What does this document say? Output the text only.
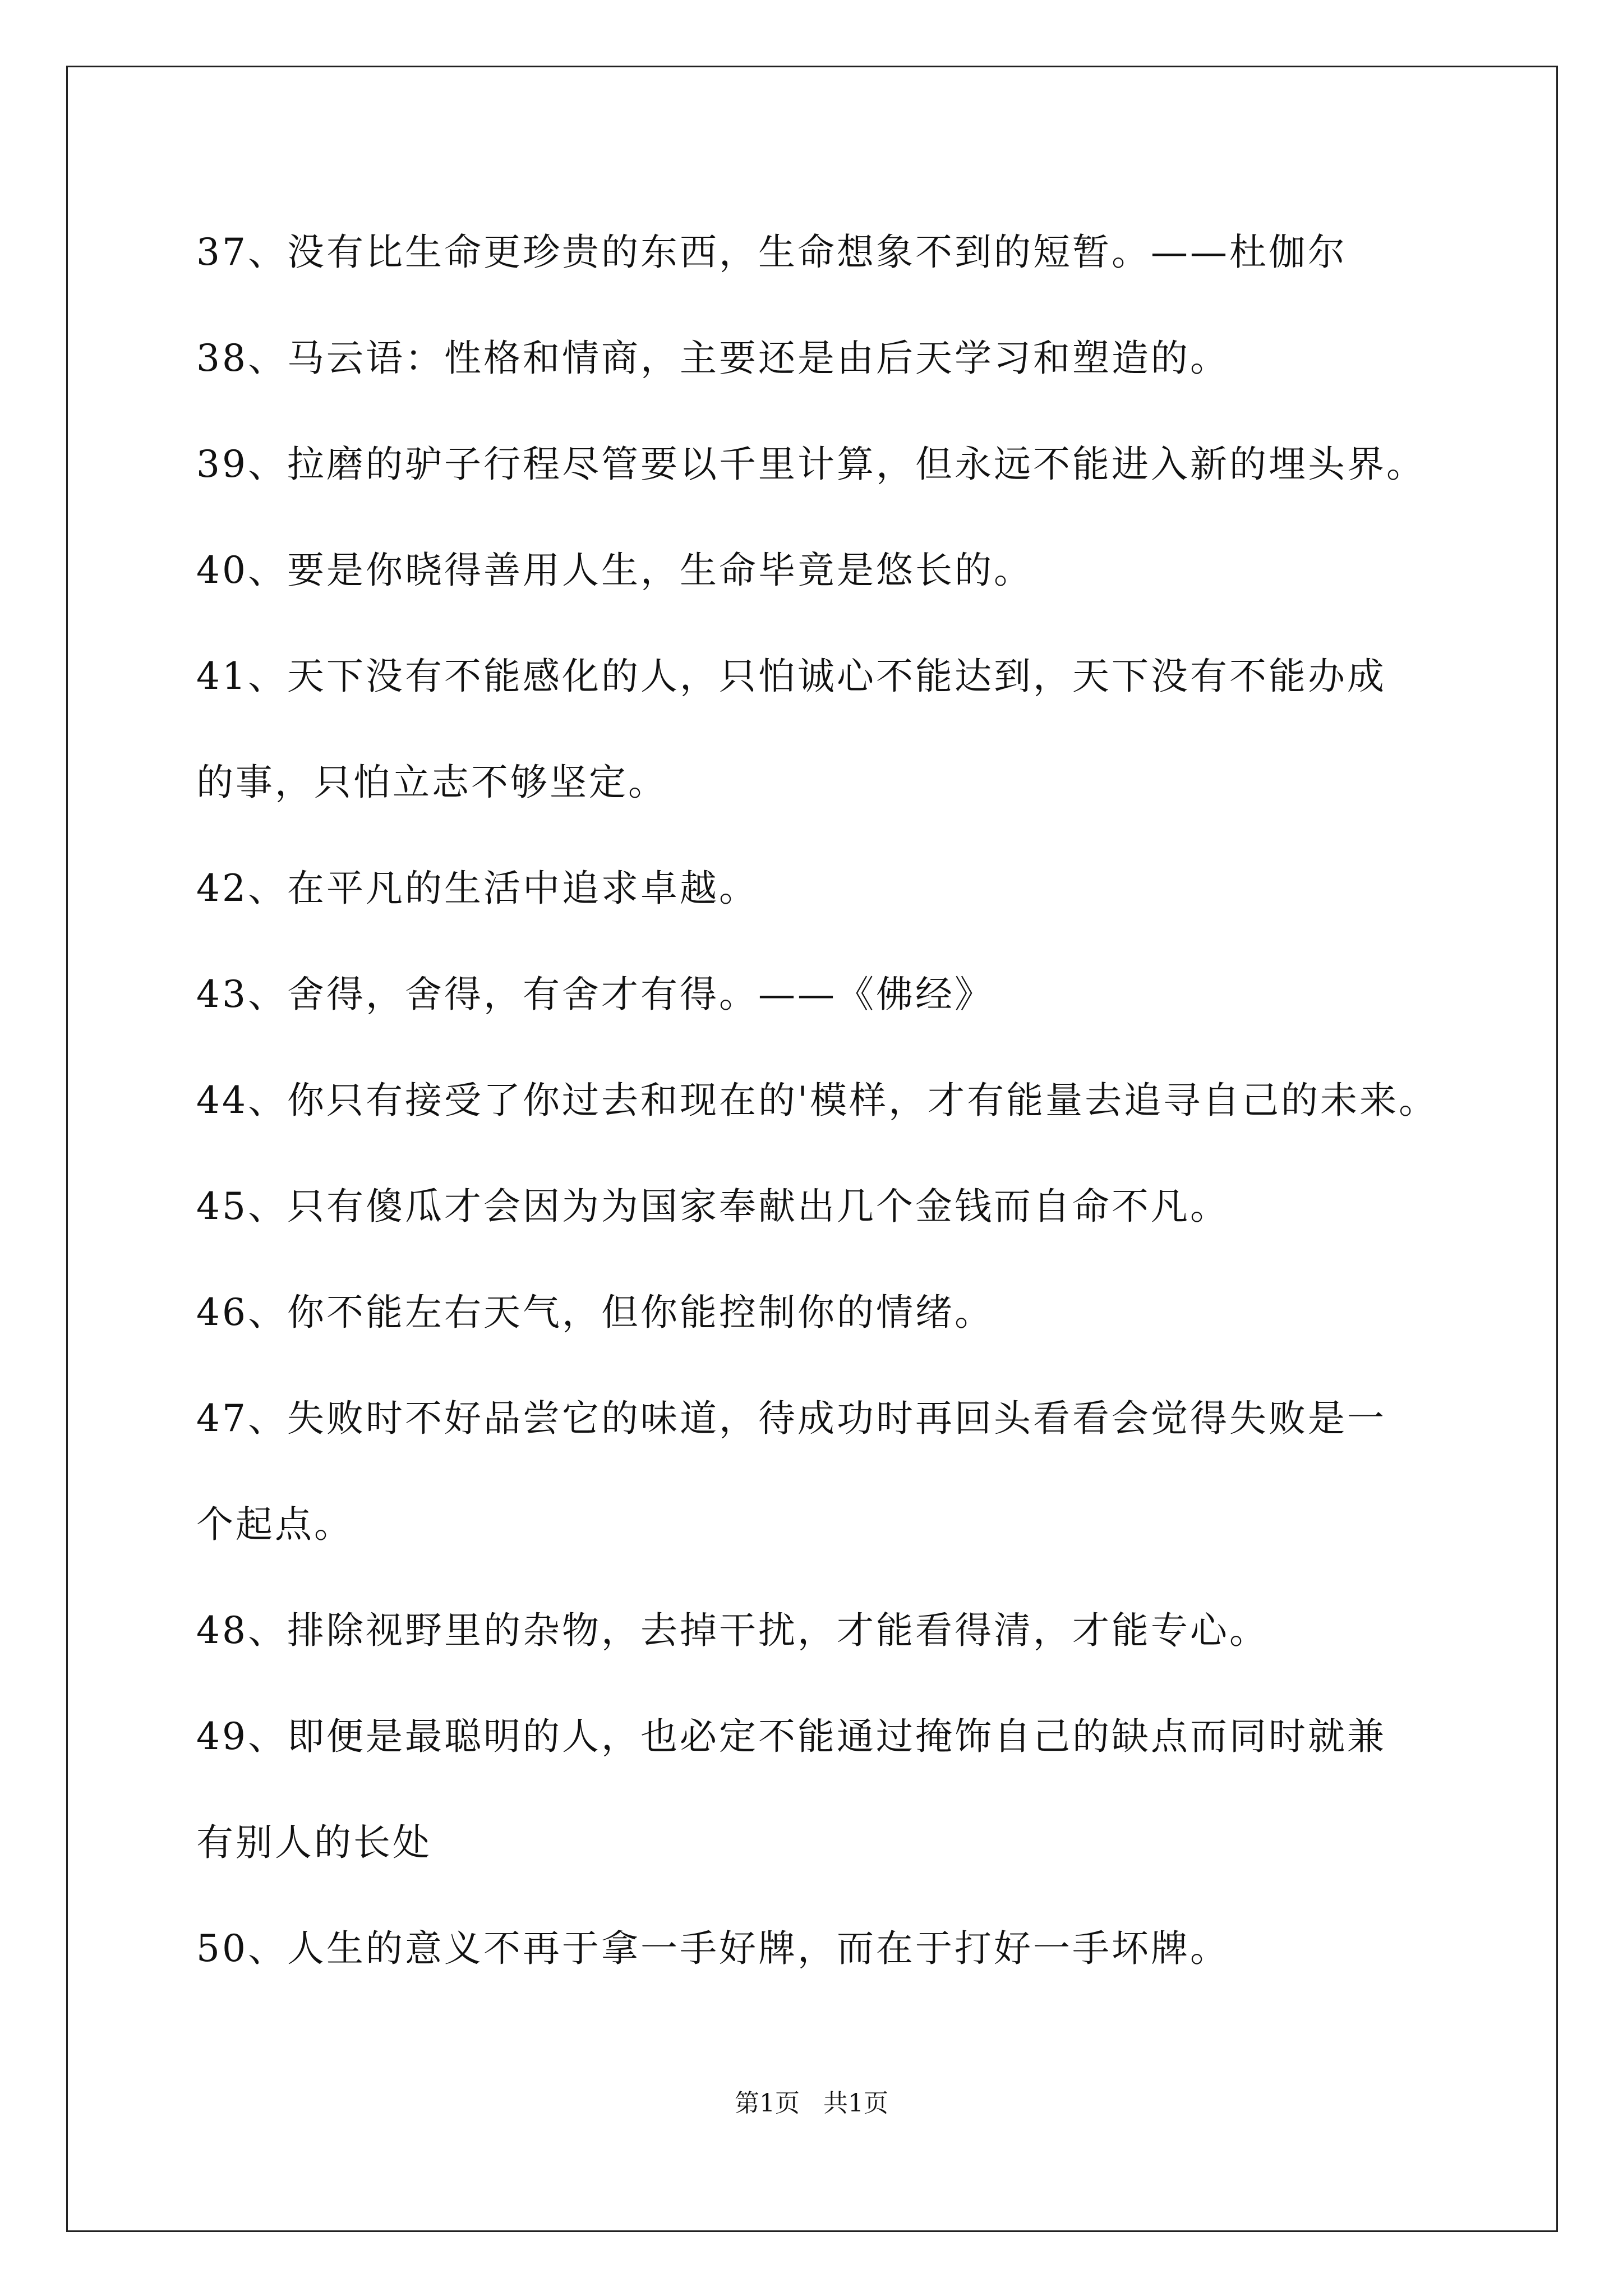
37、没有比生命更珍贵的东西，生命想象不到的短暂。——杜伽尔
38、马云语：性格和情商，主要还是由后天学习和塑造的。
39、拉磨的驴子行程尽管要以千里计算，但永远不能进入新的埋头界。
40、要是你晓得善用人生，生命毕竟是悠长的。
41、天下没有不能感化的人，只怕诚心不能达到，天下没有不能办成
的事，只怕立志不够坚定。
42、在平凡的生活中追求卓越。
43、舍得，舍得，有舍才有得。——《佛经》
44、你只有接受了你过去和现在的'模样，才有能量去追寻自己的未来。
45、只有傻瓜才会因为为国家奉献出几个金钱而自命不凡。
46、你不能左右天气，但你能控制你的情绪。
47、失败时不好品尝它的味道，待成功时再回头看看会觉得失败是一
个起点。
48、排除视野里的杂物，去掉干扰，才能看得清，才能专心。
49、即便是最聪明的人，也必定不能通过掩饰自己的缺点而同时就兼
有别人的长处
50、人生的意义不再于拿一手好牌，而在于打好一手坏牌。
第1页   共1页
